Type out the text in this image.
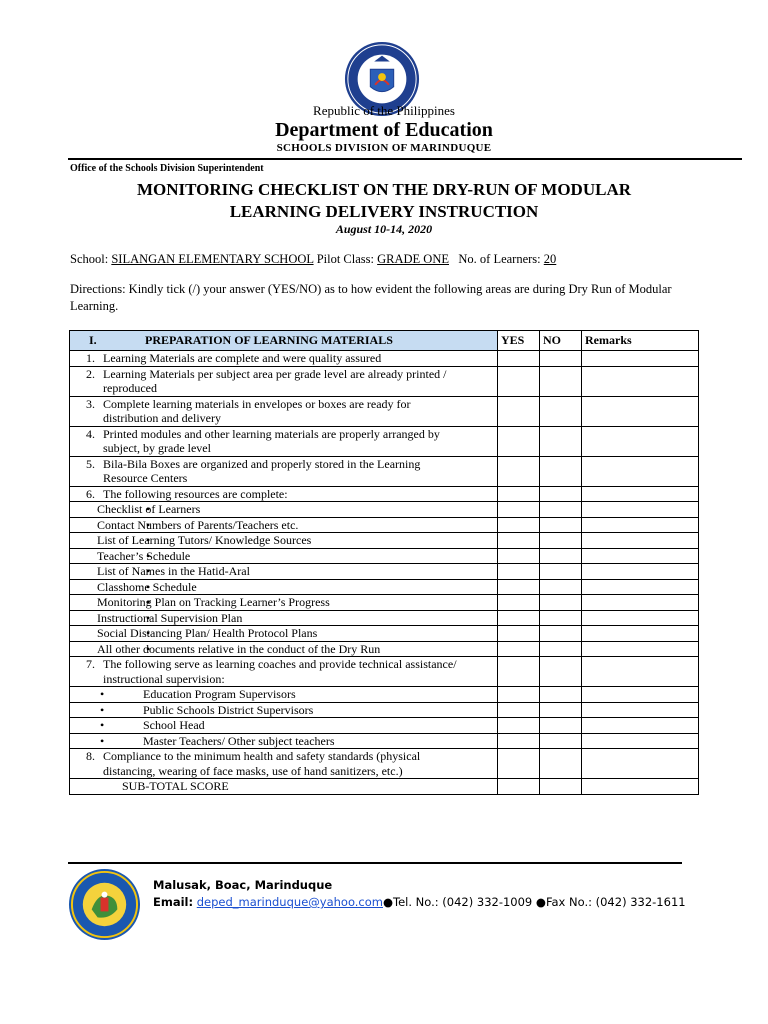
Republic of the Philippines
Department of Education
SCHOOLS DIVISION OF MARINDUQUE
Office of the Schools Division Superintendent
MONITORING CHECKLIST ON THE DRY-RUN OF MODULAR
LEARNING DELIVERY INSTRUCTION
August 10-14, 2020
School: SILANGAN ELEMENTARY SCHOOL Pilot Class: GRADE ONE No. of Learners: 20
Directions: Kindly tick (/) your answer (YES/NO) as to how evident the following areas are during Dry Run of Modular Learning.
I. PREPARATION OF LEARNING MATERIALS	YES	NO	Remarks
1. Learning Materials are complete and were quality assured			
2. Learning Materials per subject area per grade level are already printed / reproduced			
3. Complete learning materials in envelopes or boxes are ready for distribution and delivery			
4. Printed modules and other learning materials are properly arranged by subject, by grade level			
5. Bila-Bila Boxes are organized and properly stored in the Learning Resource Centers			
6. The following resources are complete:			
• Checklist of Learners			
• Contact Numbers of Parents/Teachers etc.			
• List of Learning Tutors/ Knowledge Sources			
• Teacher’s Schedule			
• List of Names in the Hatid-Aral			
• Classhome Schedule			
• Monitoring Plan on Tracking Learner’s Progress			
• Instructional Supervision Plan			
• Social Distancing Plan/ Health Protocol Plans			
• All other documents relative in the conduct of the Dry Run			
7. The following serve as learning coaches and provide technical assistance/ instructional supervision:			
• Education Program Supervisors			
• Public Schools District Supervisors			
• School Head			
• Master Teachers/ Other subject teachers			
8. Compliance to the minimum health and safety standards (physical distancing, wearing of face masks, use of hand sanitizers, etc.)			
SUB-TOTAL SCORE			
Malusak, Boac, Marinduque
Email: deped_marinduque@yahoo.com●Tel. No.: (042) 332-1009 ●Fax No.: (042) 332-1611
